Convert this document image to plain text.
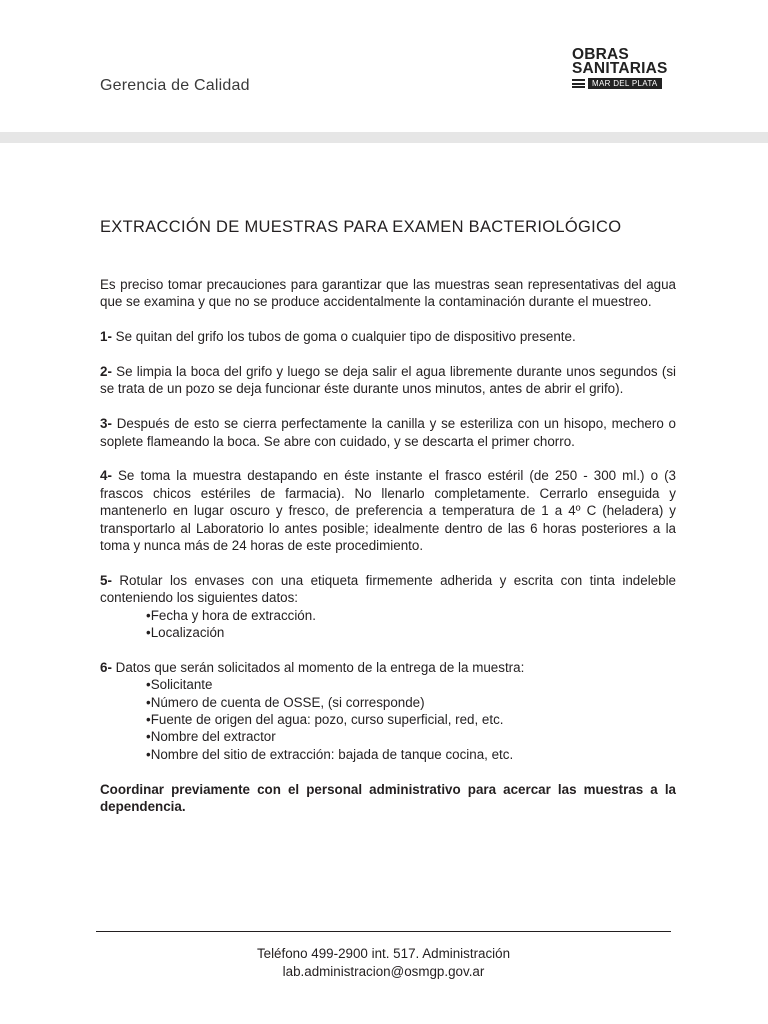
Gerencia de Calidad
OBRAS
SANITARIAS
MAR DEL PLATA
EXTRACCIÓN DE MUESTRAS PARA EXAMEN BACTERIOLÓGICO

Es preciso tomar precauciones para garantizar que las muestras sean representativas del agua que se examina y que no se produce accidentalmente la contaminación durante el muestreo.

1- Se quitan del grifo los tubos de goma o cualquier tipo de dispositivo presente.

2- Se limpia la boca del grifo y luego se deja salir el agua libremente durante unos segundos (si se trata de un pozo se deja funcionar éste durante unos minutos, antes de abrir el grifo).

3- Después de esto se cierra perfectamente la canilla y se esteriliza con un hisopo, mechero o soplete flameando la boca. Se abre con cuidado, y se descarta el primer chorro.

4- Se toma la muestra destapando en éste instante el frasco estéril (de 250 - 300 ml.) o (3 frascos chicos estériles de farmacia). No llenarlo completamente. Cerrarlo enseguida y mantenerlo en lugar oscuro y fresco, de preferencia a temperatura de 1 a 4º C (heladera) y transportarlo al Laboratorio lo antes posible; idealmente dentro de las 6 horas posteriores a la toma y nunca más de 24 horas de este procedimiento.

5- Rotular los envases con una etiqueta firmemente adherida y escrita con tinta indeleble conteniendo los siguientes datos:

•Fecha y hora de extracción.
•Localización

6- Datos que serán solicitados al momento de la entrega de la muestra:

•Solicitante
•Número de cuenta de OSSE, (si corresponde)
•Fuente de origen del agua: pozo, curso superficial, red, etc.
•Nombre del extractor
•Nombre del sitio de extracción: bajada de tanque cocina, etc.

Coordinar previamente con el personal administrativo para acercar las muestras a la dependencia.

Teléfono 499-2900 int. 517. Administración
lab.administracion@osmgp.gov.ar
